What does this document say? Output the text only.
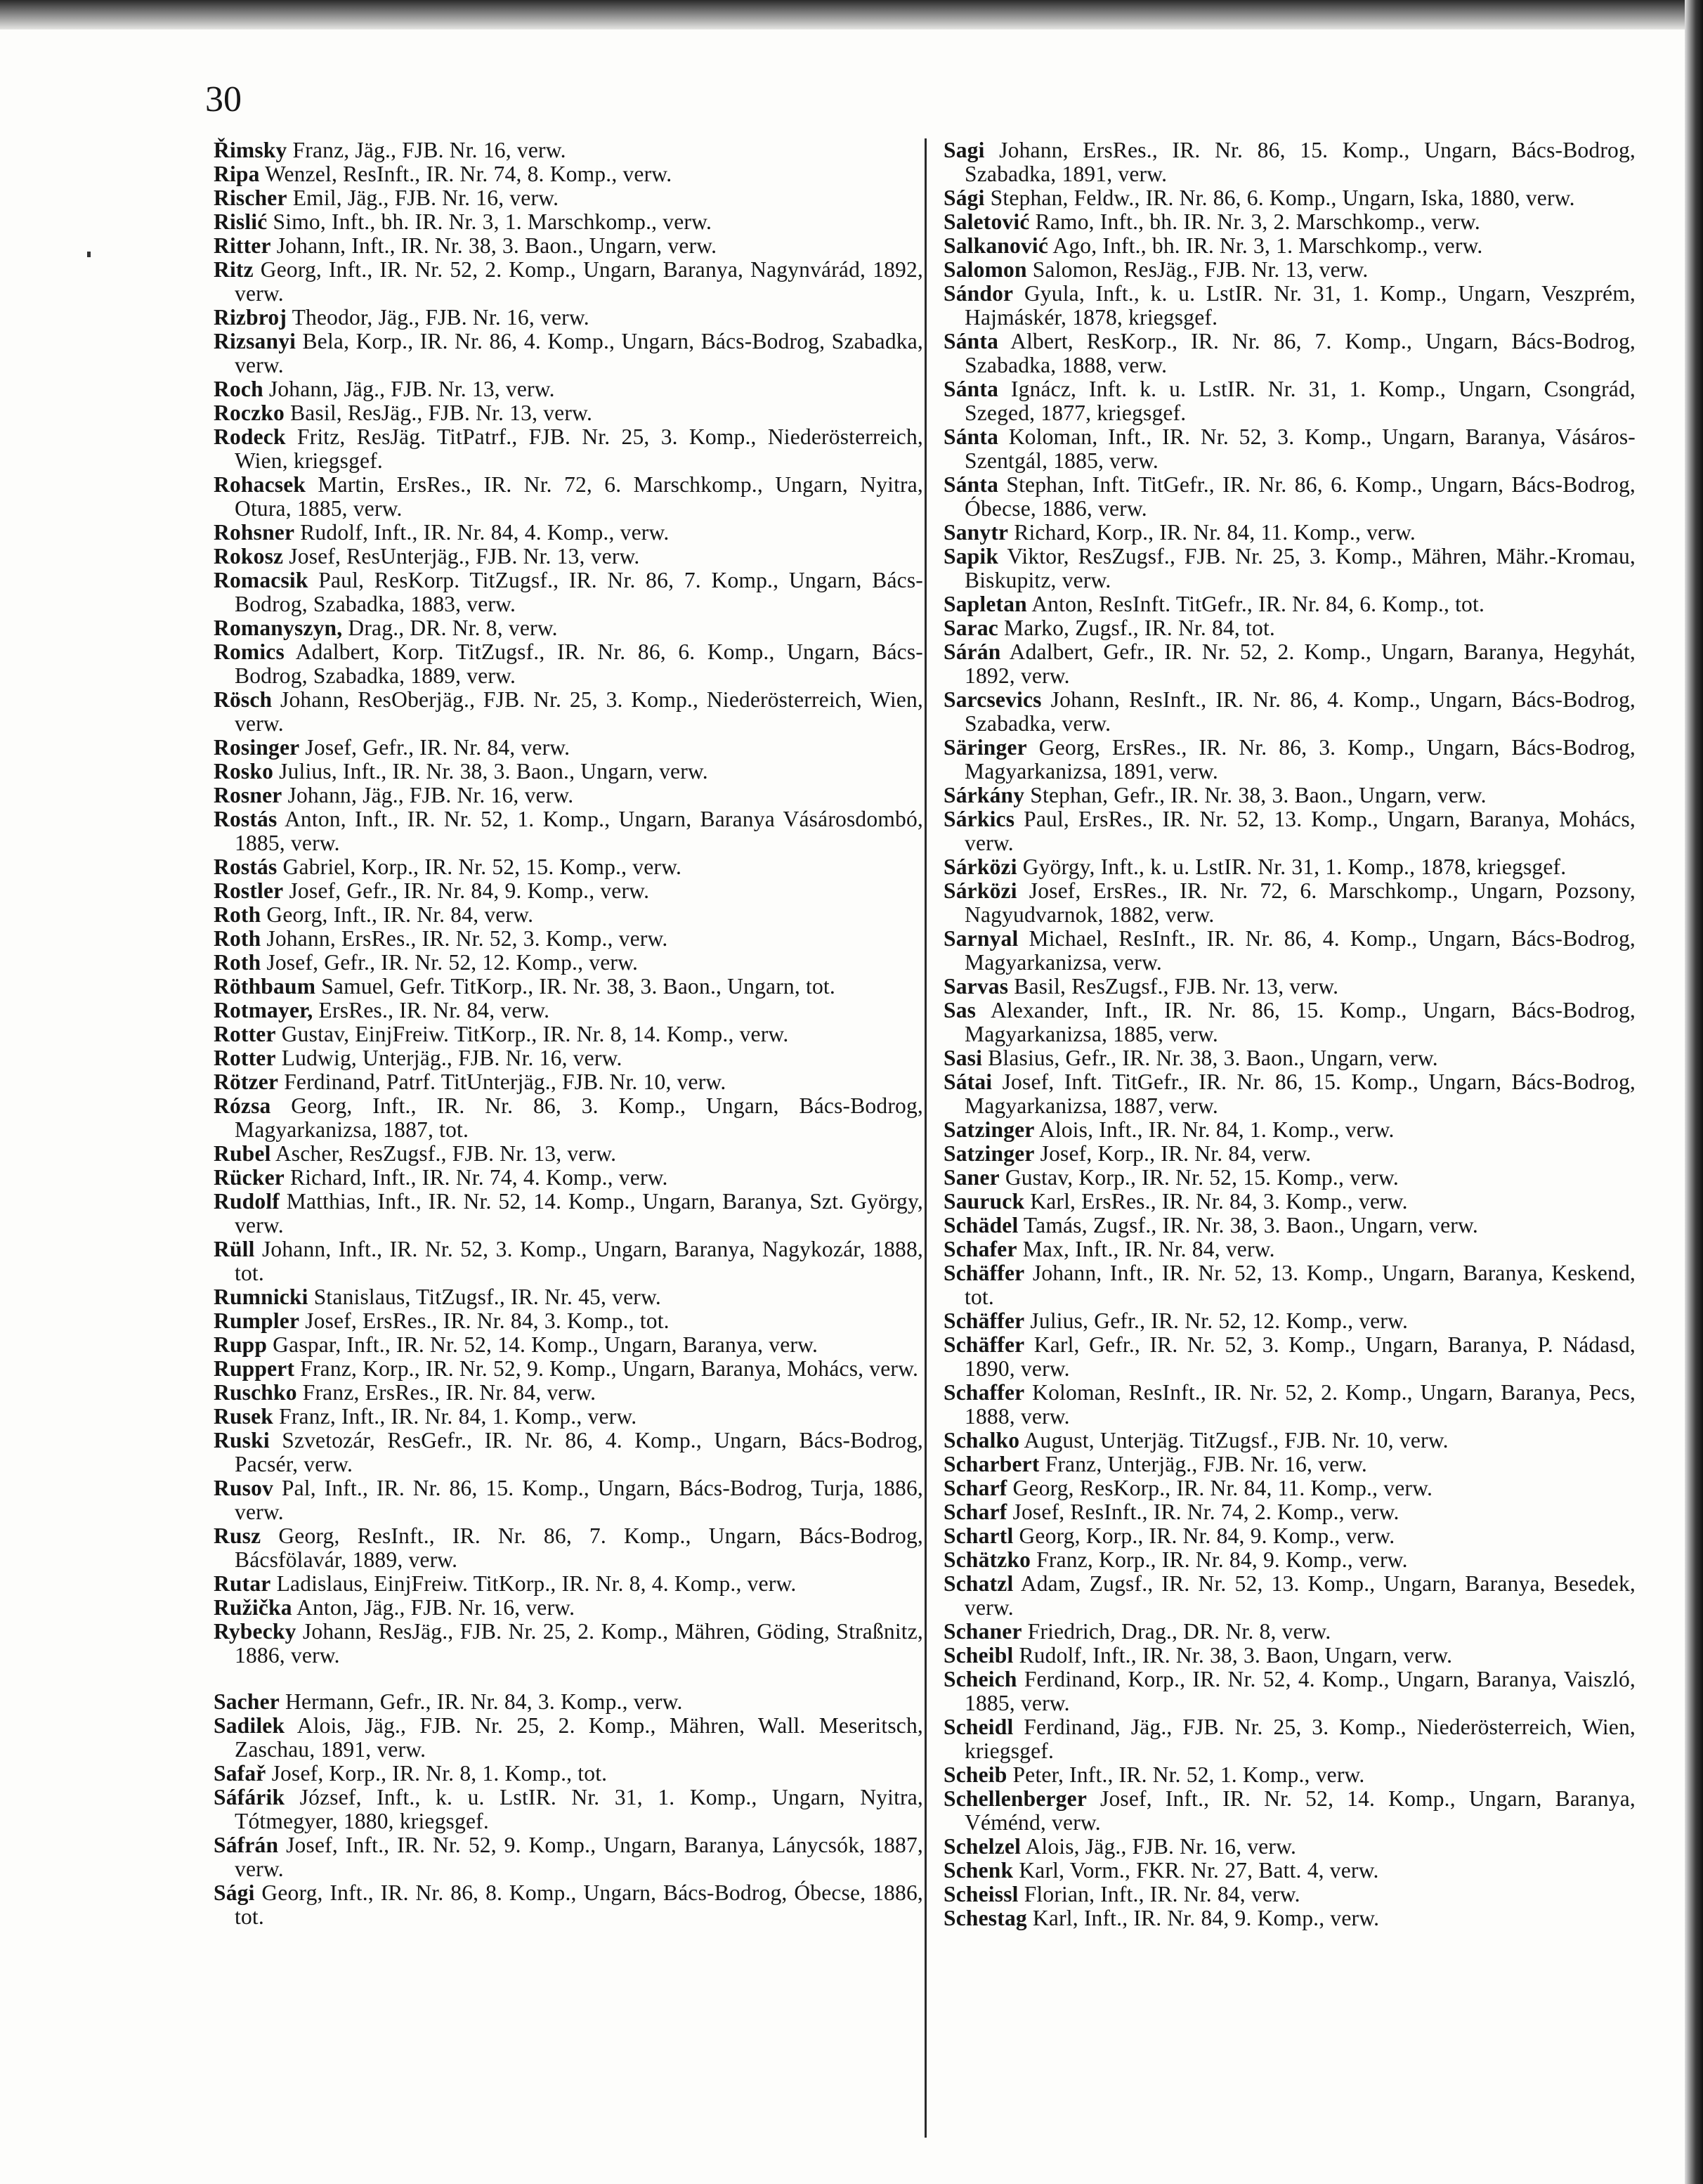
30

Řimsky Franz, Jäg., FJB. Nr. 16, verw.

Ripa Wenzel, ResInft., IR. Nr. 74, 8. Komp., verw.

Rischer Emil, Jäg., FJB. Nr. 16, verw.

Rislić Simo, Inft., bh. IR. Nr. 3, 1. Marschkomp., verw.

Ritter Johann, Inft., IR. Nr. 38, 3. Baon., Ungarn, verw.

Ritz Georg, Inft., IR. Nr. 52, 2. Komp., Ungarn, Baranya, Nagynvárád, 1892, verw.

Rizbroj Theodor, Jäg., FJB. Nr. 16, verw.

Rizsanyi Bela, Korp., IR. Nr. 86, 4. Komp., Ungarn, Bács-Bodrog, Szabadka, verw.

Roch Johann, Jäg., FJB. Nr. 13, verw.

Roczko Basil, ResJäg., FJB. Nr. 13, verw.

Rodeck Fritz, ResJäg. TitPatrf., FJB. Nr. 25, 3. Komp., Niederösterreich, Wien, kriegsgef.

Rohacsek Martin, ErsRes., IR. Nr. 72, 6. Marschkomp., Ungarn, Nyitra, Otura, 1885, verw.

Rohsner Rudolf, Inft., IR. Nr. 84, 4. Komp., verw.

Rokosz Josef, ResUnterjäg., FJB. Nr. 13, verw.

Romacsik Paul, ResKorp. TitZugsf., IR. Nr. 86, 7. Komp., Ungarn, Bács-Bodrog, Szabadka, 1883, verw.

Romanyszyn, Drag., DR. Nr. 8, verw.

Romics Adalbert, Korp. TitZugsf., IR. Nr. 86, 6. Komp., Ungarn, Bács-Bodrog, Szabadka, 1889, verw.

Rösch Johann, ResOberjäg., FJB. Nr. 25, 3. Komp., Niederösterreich, Wien, verw.

Rosinger Josef, Gefr., IR. Nr. 84, verw.

Rosko Julius, Inft., IR. Nr. 38, 3. Baon., Ungarn, verw.

Rosner Johann, Jäg., FJB. Nr. 16, verw.

Rostás Anton, Inft., IR. Nr. 52, 1. Komp., Ungarn, Baranya Vásárosdombó, 1885, verw.

Rostás Gabriel, Korp., IR. Nr. 52, 15. Komp., verw.

Rostler Josef, Gefr., IR. Nr. 84, 9. Komp., verw.

Roth Georg, Inft., IR. Nr. 84, verw.

Roth Johann, ErsRes., IR. Nr. 52, 3. Komp., verw.

Roth Josef, Gefr., IR. Nr. 52, 12. Komp., verw.

Röthbaum Samuel, Gefr. TitKorp., IR. Nr. 38, 3. Baon., Ungarn, tot.

Rotmayer, ErsRes., IR. Nr. 84, verw.

Rotter Gustav, EinjFreiw. TitKorp., IR. Nr. 8, 14. Komp., verw.

Rotter Ludwig, Unterjäg., FJB. Nr. 16, verw.

Rötzer Ferdinand, Patrf. TitUnterjäg., FJB. Nr. 10, verw.

Rózsa Georg, Inft., IR. Nr. 86, 3. Komp., Ungarn, Bács-Bodrog, Magyarkanizsa, 1887, tot.

Rubel Ascher, ResZugsf., FJB. Nr. 13, verw.

Rücker Richard, Inft., IR. Nr. 74, 4. Komp., verw.

Rudolf Matthias, Inft., IR. Nr. 52, 14. Komp., Ungarn, Baranya, Szt. György, verw.

Rüll Johann, Inft., IR. Nr. 52, 3. Komp., Ungarn, Baranya, Nagykozár, 1888, tot.

Rumnicki Stanislaus, TitZugsf., IR. Nr. 45, verw.

Rumpler Josef, ErsRes., IR. Nr. 84, 3. Komp., tot.

Rupp Gaspar, Inft., IR. Nr. 52, 14. Komp., Ungarn, Baranya, verw.

Ruppert Franz, Korp., IR. Nr. 52, 9. Komp., Ungarn, Baranya, Mohács, verw.

Ruschko Franz, ErsRes., IR. Nr. 84, verw.

Rusek Franz, Inft., IR. Nr. 84, 1. Komp., verw.

Ruski Szvetozár, ResGefr., IR. Nr. 86, 4. Komp., Ungarn, Bács-Bodrog, Pacsér, verw.

Rusov Pal, Inft., IR. Nr. 86, 15. Komp., Ungarn, Bács-Bodrog, Turja, 1886, verw.

Rusz Georg, ResInft., IR. Nr. 86, 7. Komp., Ungarn, Bács-Bodrog, Bácsfölavár, 1889, verw.

Rutar Ladislaus, EinjFreiw. TitKorp., IR. Nr. 8, 4. Komp., verw.

Ružička Anton, Jäg., FJB. Nr. 16, verw.

Rybecky Johann, ResJäg., FJB. Nr. 25, 2. Komp., Mähren, Göding, Straßnitz, 1886, verw.

Sacher Hermann, Gefr., IR. Nr. 84, 3. Komp., verw.

Sadilek Alois, Jäg., FJB. Nr. 25, 2. Komp., Mähren, Wall. Meseritsch, Zaschau, 1891, verw.

Safař Josef, Korp., IR. Nr. 8, 1. Komp., tot.

Sáfárik József, Inft., k. u. LstIR. Nr. 31, 1. Komp., Ungarn, Nyitra, Tótmegyer, 1880, kriegsgef.

Sáfrán Josef, Inft., IR. Nr. 52, 9. Komp., Ungarn, Baranya, Lánycsók, 1887, verw.

Sági Georg, Inft., IR. Nr. 86, 8. Komp., Ungarn, Bács-Bodrog, Óbecse, 1886, tot.

Sagi Johann, ErsRes., IR. Nr. 86, 15. Komp., Ungarn, Bács-Bodrog, Szabadka, 1891, verw.

Sági Stephan, Feldw., IR. Nr. 86, 6. Komp., Ungarn, Iska, 1880, verw.

Saletović Ramo, Inft., bh. IR. Nr. 3, 2. Marschkomp., verw.

Salkanović Ago, Inft., bh. IR. Nr. 3, 1. Marschkomp., verw.

Salomon Salomon, ResJäg., FJB. Nr. 13, verw.

Sándor Gyula, Inft., k. u. LstIR. Nr. 31, 1. Komp., Ungarn, Veszprém, Hajmáskér, 1878, kriegsgef.

Sánta Albert, ResKorp., IR. Nr. 86, 7. Komp., Ungarn, Bács-Bodrog, Szabadka, 1888, verw.

Sánta Ignácz, Inft. k. u. LstIR. Nr. 31, 1. Komp., Ungarn, Csongrád, Szeged, 1877, kriegsgef.

Sánta Koloman, Inft., IR. Nr. 52, 3. Komp., Ungarn, Baranya, Vásáros-Szentgál, 1885, verw.

Sánta Stephan, Inft. TitGefr., IR. Nr. 86, 6. Komp., Ungarn, Bács-Bodrog, Óbecse, 1886, verw.

Sanytr Richard, Korp., IR. Nr. 84, 11. Komp., verw.

Sapik Viktor, ResZugsf., FJB. Nr. 25, 3. Komp., Mähren, Mähr.-Kromau, Biskupitz, verw.

Sapletan Anton, ResInft. TitGefr., IR. Nr. 84, 6. Komp., tot.

Sarac Marko, Zugsf., IR. Nr. 84, tot.

Sárán Adalbert, Gefr., IR. Nr. 52, 2. Komp., Ungarn, Baranya, Hegyhát, 1892, verw.

Sarcsevics Johann, ResInft., IR. Nr. 86, 4. Komp., Ungarn, Bács-Bodrog, Szabadka, verw.

Säringer Georg, ErsRes., IR. Nr. 86, 3. Komp., Ungarn, Bács-Bodrog, Magyarkanizsa, 1891, verw.

Sárkány Stephan, Gefr., IR. Nr. 38, 3. Baon., Ungarn, verw.

Sárkics Paul, ErsRes., IR. Nr. 52, 13. Komp., Ungarn, Baranya, Mohács, verw.

Sárközi György, Inft., k. u. LstIR. Nr. 31, 1. Komp., 1878, kriegsgef.

Sárközi Josef, ErsRes., IR. Nr. 72, 6. Marschkomp., Ungarn, Pozsony, Nagyudvarnok, 1882, verw.

Sarnyal Michael, ResInft., IR. Nr. 86, 4. Komp., Ungarn, Bács-Bodrog, Magyarkanizsa, verw.

Sarvas Basil, ResZugsf., FJB. Nr. 13, verw.

Sas Alexander, Inft., IR. Nr. 86, 15. Komp., Ungarn, Bács-Bodrog, Magyarkanizsa, 1885, verw.

Sasi Blasius, Gefr., IR. Nr. 38, 3. Baon., Ungarn, verw.

Sátai Josef, Inft. TitGefr., IR. Nr. 86, 15. Komp., Ungarn, Bács-Bodrog, Magyarkanizsa, 1887, verw.

Satzinger Alois, Inft., IR. Nr. 84, 1. Komp., verw.

Satzinger Josef, Korp., IR. Nr. 84, verw.

Saner Gustav, Korp., IR. Nr. 52, 15. Komp., verw.

Sauruck Karl, ErsRes., IR. Nr. 84, 3. Komp., verw.

Schädel Tamás, Zugsf., IR. Nr. 38, 3. Baon., Ungarn, verw.

Schafer Max, Inft., IR. Nr. 84, verw.

Schäffer Johann, Inft., IR. Nr. 52, 13. Komp., Ungarn, Baranya, Keskend, tot.

Schäffer Julius, Gefr., IR. Nr. 52, 12. Komp., verw.

Schäffer Karl, Gefr., IR. Nr. 52, 3. Komp., Ungarn, Baranya, P. Nádasd, 1890, verw.

Schaffer Koloman, ResInft., IR. Nr. 52, 2. Komp., Ungarn, Baranya, Pecs, 1888, verw.

Schalko August, Unterjäg. TitZugsf., FJB. Nr. 10, verw.

Scharbert Franz, Unterjäg., FJB. Nr. 16, verw.

Scharf Georg, ResKorp., IR. Nr. 84, 11. Komp., verw.

Scharf Josef, ResInft., IR. Nr. 74, 2. Komp., verw.

Schartl Georg, Korp., IR. Nr. 84, 9. Komp., verw.

Schätzko Franz, Korp., IR. Nr. 84, 9. Komp., verw.

Schatzl Adam, Zugsf., IR. Nr. 52, 13. Komp., Ungarn, Baranya, Besedek, verw.

Schaner Friedrich, Drag., DR. Nr. 8, verw.

Scheibl Rudolf, Inft., IR. Nr. 38, 3. Baon, Ungarn, verw.

Scheich Ferdinand, Korp., IR. Nr. 52, 4. Komp., Ungarn, Baranya, Vaiszló, 1885, verw.

Scheidl Ferdinand, Jäg., FJB. Nr. 25, 3. Komp., Niederösterreich, Wien, kriegsgef.

Scheib Peter, Inft., IR. Nr. 52, 1. Komp., verw.

Schellenberger Josef, Inft., IR. Nr. 52, 14. Komp., Ungarn, Baranya, Véménd, verw.

Schelzel Alois, Jäg., FJB. Nr. 16, verw.

Schenk Karl, Vorm., FKR. Nr. 27, Batt. 4, verw.

Scheissl Florian, Inft., IR. Nr. 84, verw.

Schestag Karl, Inft., IR. Nr. 84, 9. Komp., verw.
